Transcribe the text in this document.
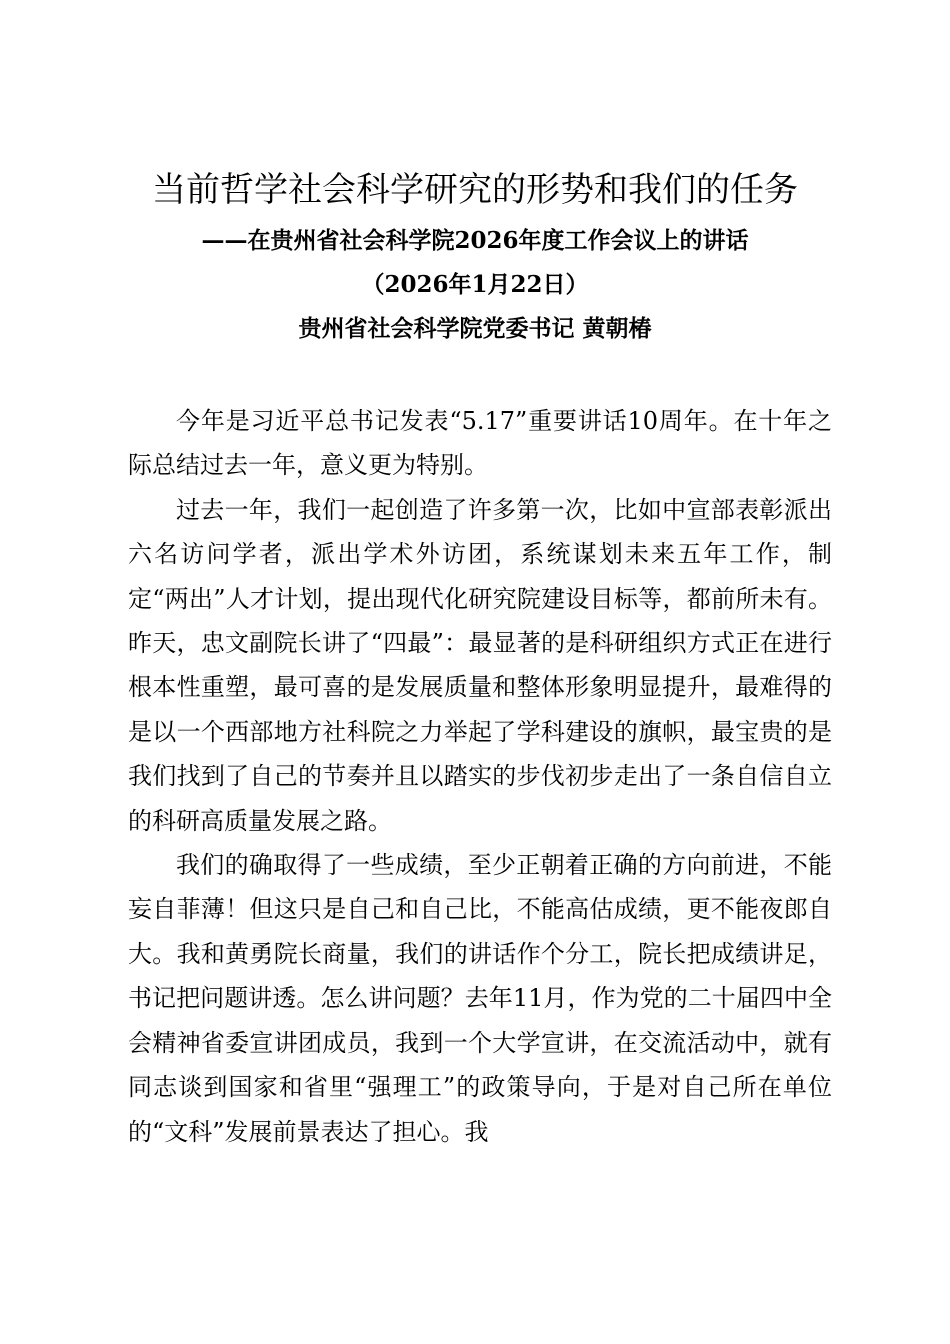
当前哲学社会科学研究的形势和我们的任务
——在贵州省社会科学院2026年度工作会议上的讲话
（2026年1月22日）
贵州省社会科学院党委书记 黄朝椿

今年是习近平总书记发表“5.17”重要讲话10周年。在十年之际总结过去一年，意义更为特别。

过去一年，我们一起创造了许多第一次，比如中宣部表彰派出六名访问学者，派出学术外访团，系统谋划未来五年工作，制定“两出”人才计划，提出现代化研究院建设目标等，都前所未有。昨天，忠文副院长讲了“四最”：最显著的是科研组织方式正在进行根本性重塑，最可喜的是发展质量和整体形象明显提升，最难得的是以一个西部地方社科院之力举起了学科建设的旗帜，最宝贵的是我们找到了自己的节奏并且以踏实的步伐初步走出了一条自信自立的科研高质量发展之路。

我们的确取得了一些成绩，至少正朝着正确的方向前进，不能妄自菲薄！但这只是自己和自己比，不能高估成绩，更不能夜郎自大。我和黄勇院长商量，我们的讲话作个分工，院长把成绩讲足，书记把问题讲透。怎么讲问题？去年11月，作为党的二十届四中全会精神省委宣讲团成员，我到一个大学宣讲，在交流活动中，就有同志谈到国家和省里“强理工”的政策导向，于是对自己所在单位的“文科”发展前景表达了担心。我
